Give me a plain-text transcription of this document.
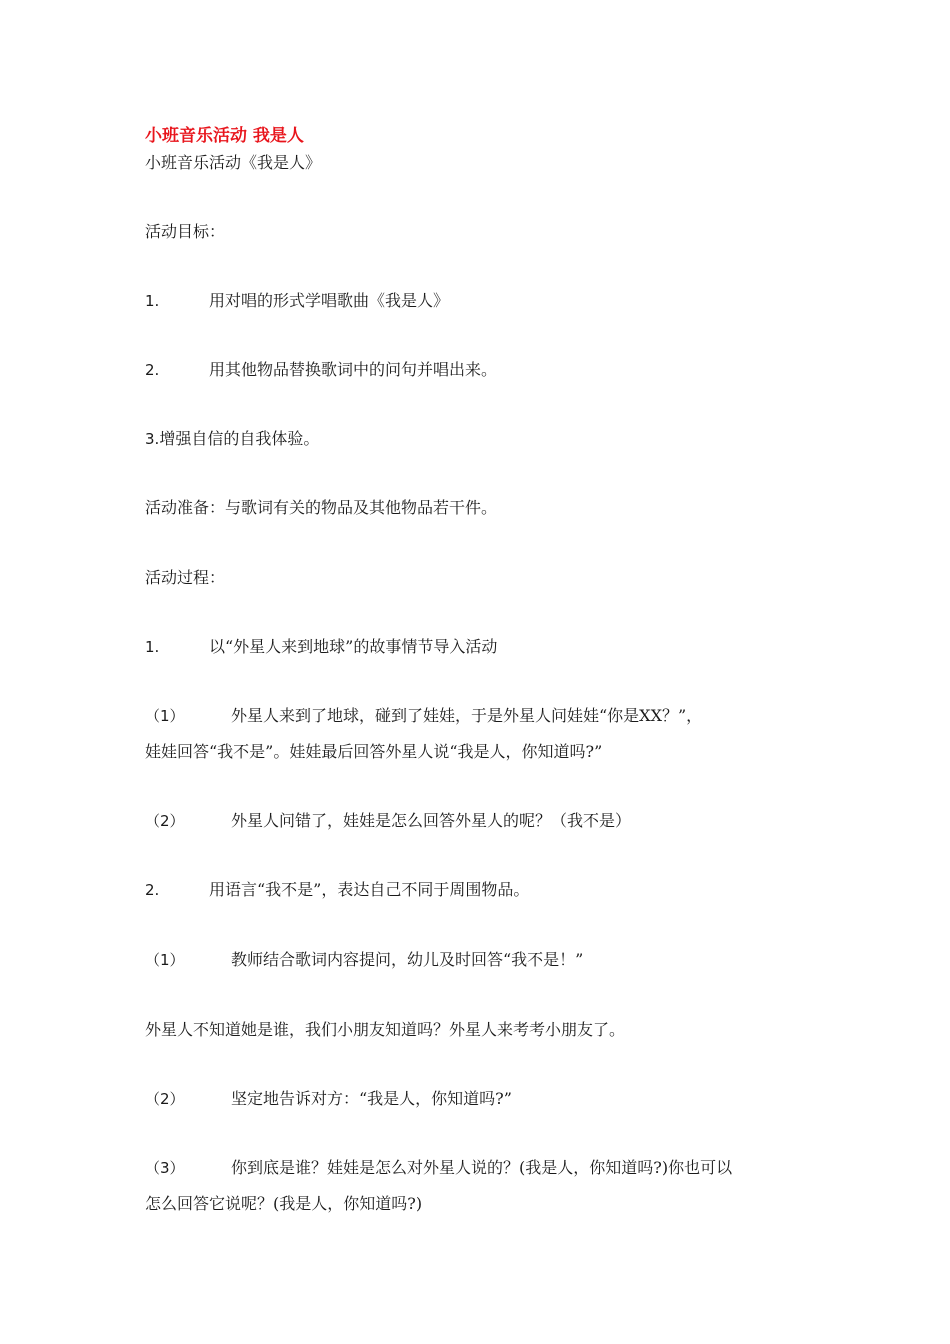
小班音乐活动 我是人
小班音乐活动《我是人》
活动目标：
1.	用对唱的形式学唱歌曲《我是人》
2.	用其他物品替换歌词中的问句并唱出来。
3.增强自信的自我体验。
活动准备：与歌词有关的物品及其他物品若干件。
活动过程：
1.	以“外星人来到地球”的故事情节导入活动
（1）	外星人来到了地球，碰到了娃娃，于是外星人问娃娃“你是XX？”，
娃娃回答“我不是”。娃娃最后回答外星人说“我是人，你知道吗?”
（2）	外星人问错了，娃娃是怎么回答外星人的呢？（我不是）
2.	用语言“我不是”，表达自己不同于周围物品。
（1）	教师结合歌词内容提问，幼儿及时回答“我不是！”
外星人不知道她是谁，我们小朋友知道吗？外星人来考考小朋友了。
（2）	坚定地告诉对方：“我是人，你知道吗?”
（3）	你到底是谁？娃娃是怎么对外星人说的？(我是人，你知道吗?)你也可以
怎么回答它说呢？(我是人，你知道吗?)
